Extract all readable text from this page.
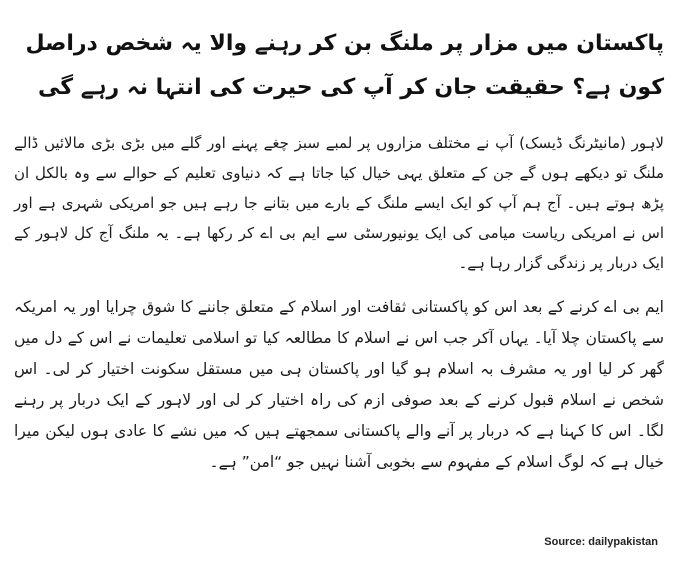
پاکستان میں مزار پر ملنگ بن کر رہنے والا یہ شخص دراصل کون ہے؟ حقیقت جان کر آپ کی حیرت کی انتہا نہ رہے گی

لاہور (مانیٹرنگ ڈیسک) آپ نے مختلف مزاروں پر لمبے سبز چغے پہنے اور گلے میں بڑی بڑی مالائیں ڈالے ملنگ تو دیکھے ہوں گے جن کے متعلق یہی خیال کیا جاتا ہے کہ دنیاوی تعلیم کے حوالے سے وہ بالکل ان پڑھ ہوتے ہیں۔ آج ہم آپ کو ایک ایسے ملنگ کے بارے میں بتانے جا رہے ہیں جو امریکی شہری ہے اور اس نے امریکی ریاست میامی کی ایک یونیورسٹی سے ایم بی اے کر رکھا ہے۔ یہ ملنگ آج کل لاہور کے ایک دربار پر زندگی گزار رہا ہے۔

ایم بی اے کرنے کے بعد اس کو پاکستانی ثقافت اور اسلام کے متعلق جاننے کا شوق چرایا اور یہ امریکہ سے پاکستان چلا آیا۔ یہاں آکر جب اس نے اسلام کا مطالعہ کیا تو اسلامی تعلیمات نے اس کے دل میں گھر کر لیا اور یہ مشرف بہ اسلام ہو گیا اور پاکستان ہی میں مستقل سکونت اختیار کر لی۔ اس شخص نے اسلام قبول کرنے کے بعد صوفی ازم کی راہ اختیار کر لی اور لاہور کے ایک دربار پر رہنے لگا۔ اس کا کہنا ہے کہ دربار پر آنے والے پاکستانی سمجھتے ہیں کہ میں نشے کا عادی ہوں لیکن میرا خیال ہے کہ لوگ اسلام کے مفہوم سے بخوبی آشنا نہیں جو “امن” ہے۔

Source: dailypakistan
